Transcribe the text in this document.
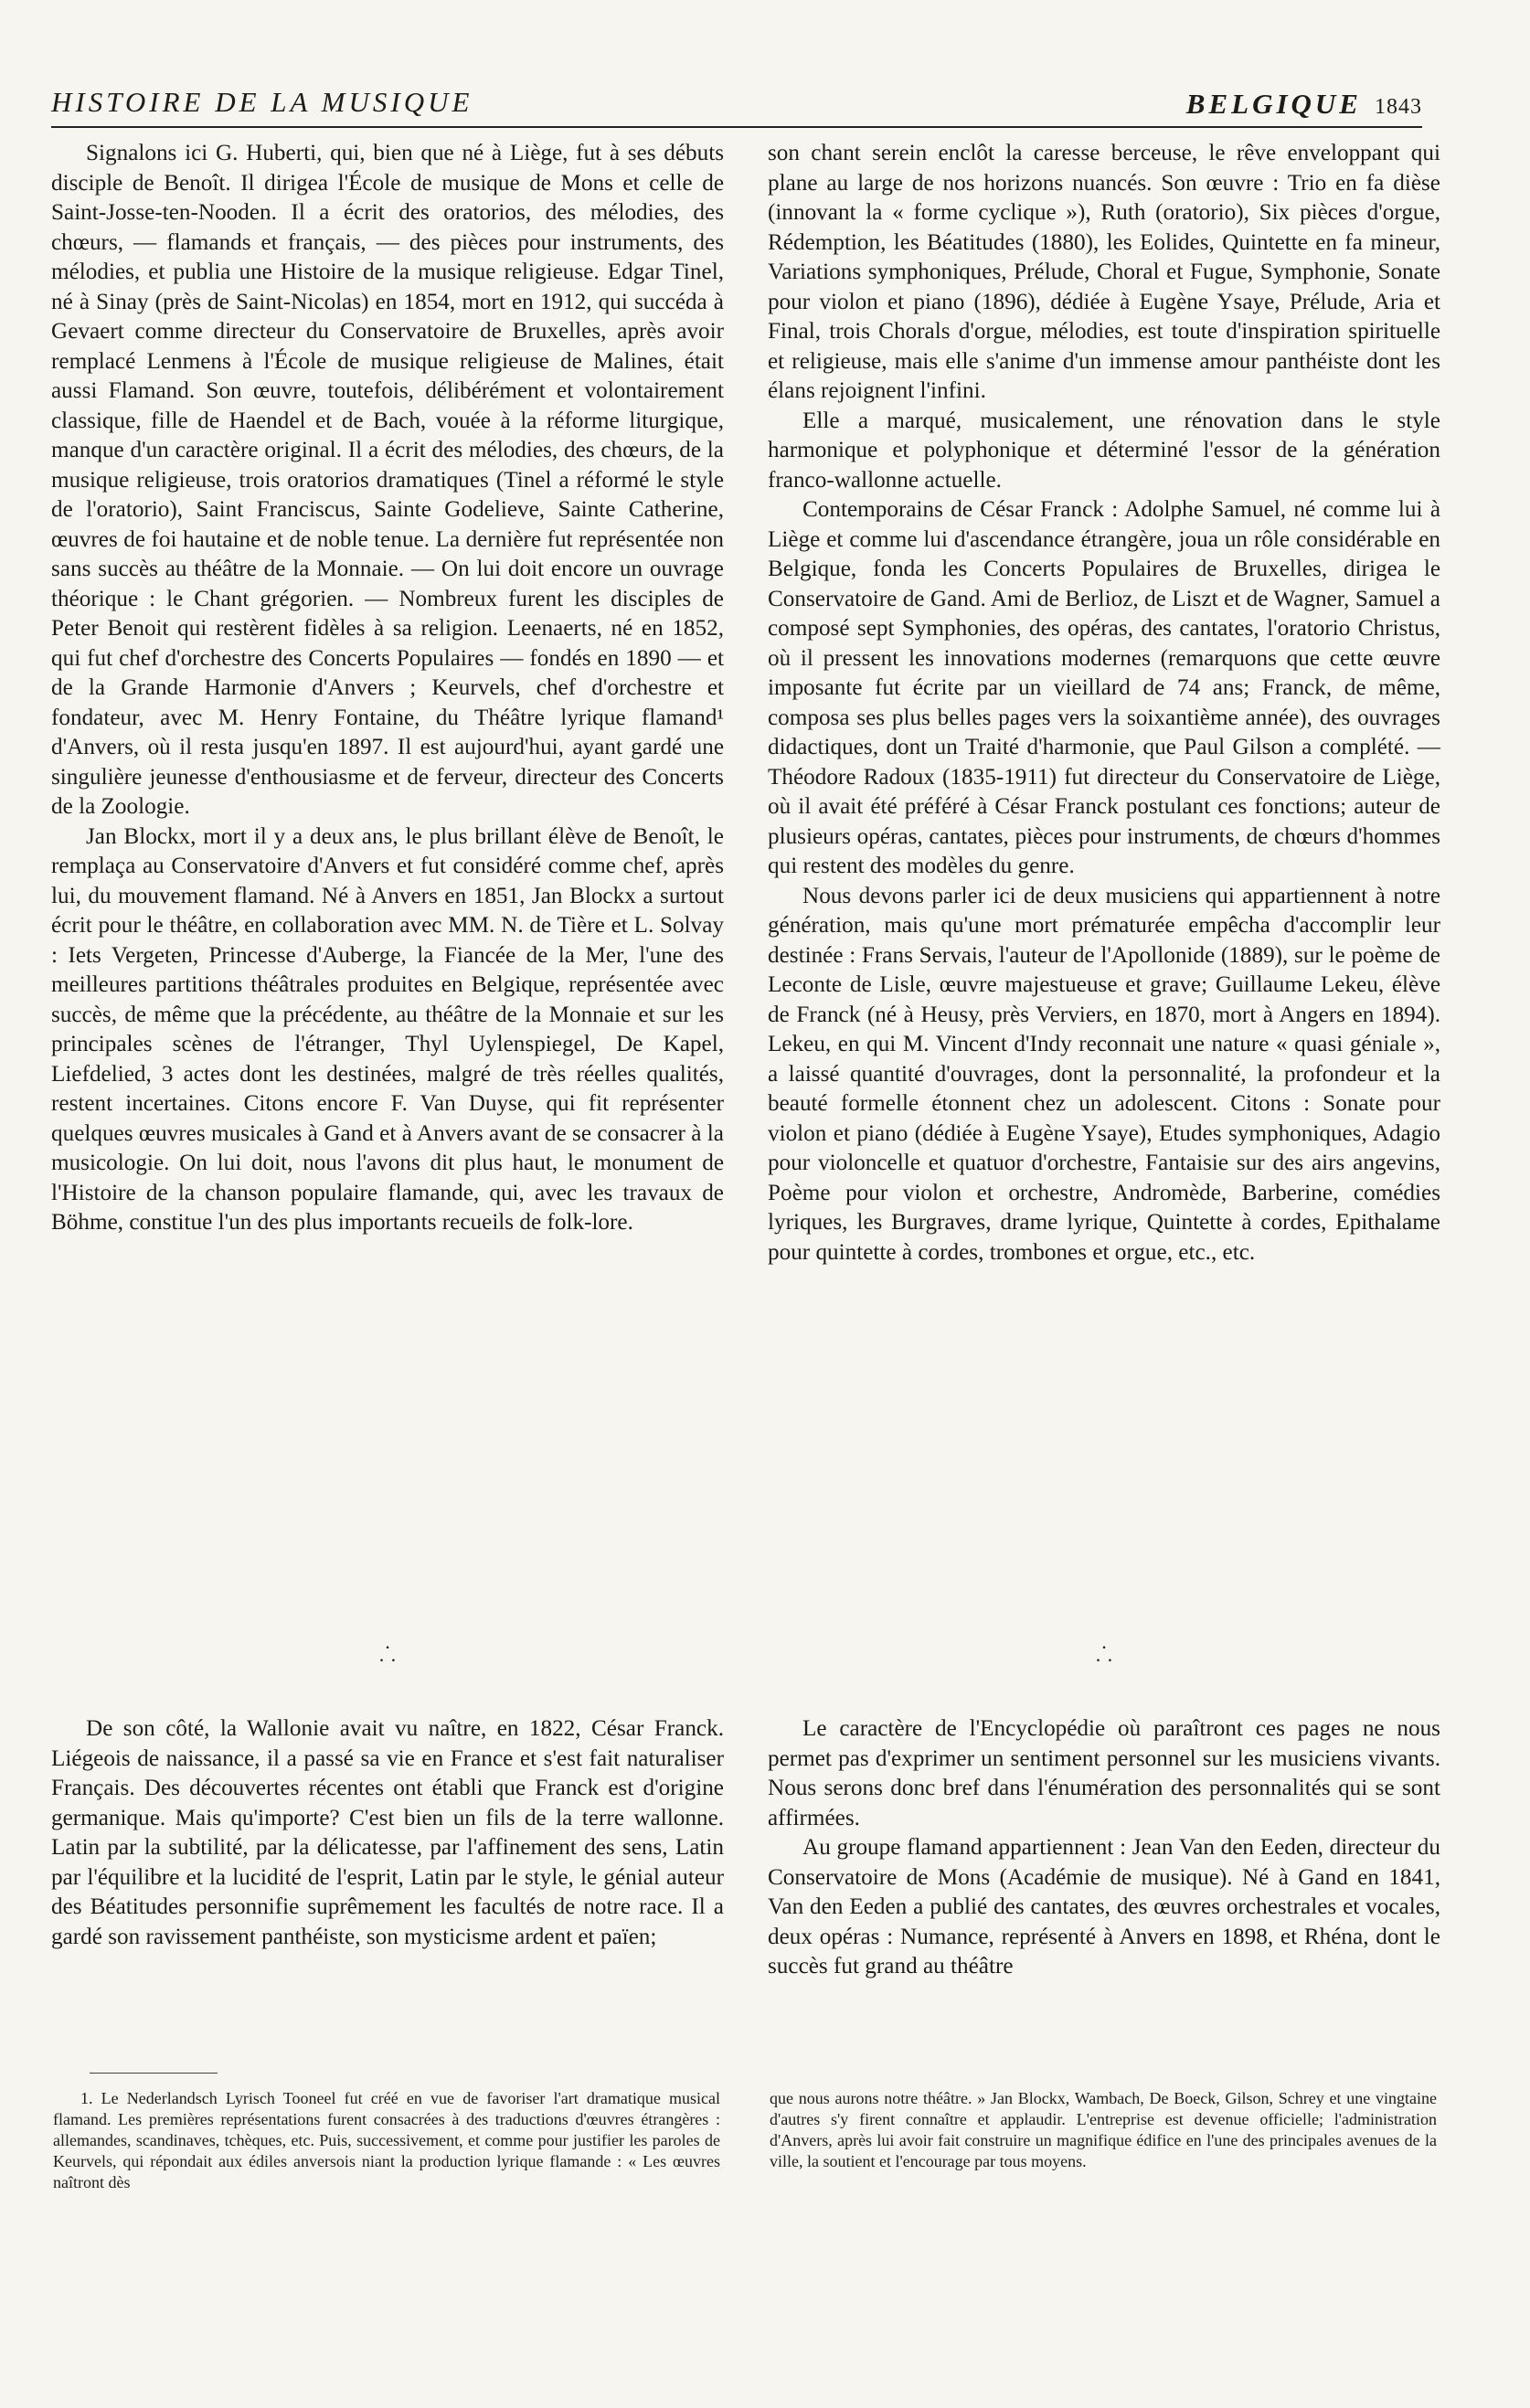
HISTOIRE DE LA MUSIQUE	BELGIQUE 1843

Signalons ici G. Huberti, qui, bien que né à Liège, fut à ses débuts disciple de Benoît. Il dirigea l'École de musique de Mons et celle de Saint-Josse-ten-Nooden. Il a écrit des oratorios, des mélodies, des chœurs, — flamands et français, — des pièces pour instruments, des mélodies, et publia une Histoire de la musique religieuse. Edgar Tinel, né à Sinay (près de Saint-Nicolas) en 1854, mort en 1912, qui succéda à Gevaert comme directeur du Conservatoire de Bruxelles, après avoir remplacé Lenmens à l'École de musique religieuse de Malines, était aussi Flamand. Son œuvre, toutefois, délibérément et volontairement classique, fille de Haendel et de Bach, vouée à la réforme liturgique, manque d'un caractère original. Il a écrit des mélodies, des chœurs, de la musique religieuse, trois oratorios dramatiques (Tinel a réformé le style de l'oratorio), Saint Franciscus, Sainte Godelieve, Sainte Catherine, œuvres de foi hautaine et de noble tenue. La dernière fut représentée non sans succès au théâtre de la Monnaie. — On lui doit encore un ouvrage théorique : le Chant grégorien. — Nombreux furent les disciples de Peter Benoit qui restèrent fidèles à sa religion. Leenaerts, né en 1852, qui fut chef d'orchestre des Concerts Populaires — fondés en 1890 — et de la Grande Harmonie d'Anvers ; Keurvels, chef d'orchestre et fondateur, avec M. Henry Fontaine, du Théâtre lyrique flamand¹ d'Anvers, où il resta jusqu'en 1897. Il est aujourd'hui, ayant gardé une singulière jeunesse d'enthousiasme et de ferveur, directeur des Concerts de la Zoologie.

Jan Blockx, mort il y a deux ans, le plus brillant élève de Benoît, le remplaça au Conservatoire d'Anvers et fut considéré comme chef, après lui, du mouvement flamand. Né à Anvers en 1851, Jan Blockx a surtout écrit pour le théâtre, en collaboration avec MM. N. de Tière et L. Solvay : Iets Vergeten, Princesse d'Auberge, la Fiancée de la Mer, l'une des meilleures partitions théâtrales produites en Belgique, représentée avec succès, de même que la précédente, au théâtre de la Monnaie et sur les principales scènes de l'étranger, Thyl Uylenspiegel, De Kapel, Liefdelied, 3 actes dont les destinées, malgré de très réelles qualités, restent incertaines. Citons encore F. Van Duyse, qui fit représenter quelques œuvres musicales à Gand et à Anvers avant de se consacrer à la musicologie. On lui doit, nous l'avons dit plus haut, le monument de l'Histoire de la chanson populaire flamande, qui, avec les travaux de Böhme, constitue l'un des plus importants recueils de folk-lore.

son chant serein enclôt la caresse berceuse, le rêve enveloppant qui plane au large de nos horizons nuancés. Son œuvre : Trio en fa dièse (innovant la « forme cyclique »), Ruth (oratorio), Six pièces d'orgue, Rédemption, les Béatitudes (1880), les Eolides, Quintette en fa mineur, Variations symphoniques, Prélude, Choral et Fugue, Symphonie, Sonate pour violon et piano (1896), dédiée à Eugène Ysaye, Prélude, Aria et Final, trois Chorals d'orgue, mélodies, est toute d'inspiration spirituelle et religieuse, mais elle s'anime d'un immense amour panthéiste dont les élans rejoignent l'infini.

Elle a marqué, musicalement, une rénovation dans le style harmonique et polyphonique et déterminé l'essor de la génération franco-wallonne actuelle.

Contemporains de César Franck : Adolphe Samuel, né comme lui à Liège et comme lui d'ascendance étrangère, joua un rôle considérable en Belgique, fonda les Concerts Populaires de Bruxelles, dirigea le Conservatoire de Gand. Ami de Berlioz, de Liszt et de Wagner, Samuel a composé sept Symphonies, des opéras, des cantates, l'oratorio Christus, où il pressent les innovations modernes (remarquons que cette œuvre imposante fut écrite par un vieillard de 74 ans; Franck, de même, composa ses plus belles pages vers la soixantième année), des ouvrages didactiques, dont un Traité d'harmonie, que Paul Gilson a complété. — Théodore Radoux (1835-1911) fut directeur du Conservatoire de Liège, où il avait été préféré à César Franck postulant ces fonctions; auteur de plusieurs opéras, cantates, pièces pour instruments, de chœurs d'hommes qui restent des modèles du genre.

Nous devons parler ici de deux musiciens qui appartiennent à notre génération, mais qu'une mort prématurée empêcha d'accomplir leur destinée : Frans Servais, l'auteur de l'Apollonide (1889), sur le poème de Leconte de Lisle, œuvre majestueuse et grave; Guillaume Lekeu, élève de Franck (né à Heusy, près Verviers, en 1870, mort à Angers en 1894). Lekeu, en qui M. Vincent d'Indy reconnait une nature « quasi géniale », a laissé quantité d'ouvrages, dont la personnalité, la profondeur et la beauté formelle étonnent chez un adolescent. Citons : Sonate pour violon et piano (dédiée à Eugène Ysaye), Etudes symphoniques, Adagio pour violoncelle et quatuor d'orchestre, Fantaisie sur des airs angevins, Poème pour violon et orchestre, Andromède, Barberine, comédies lyriques, les Burgraves, drame lyrique, Quintette à cordes, Epithalame pour quintette à cordes, trombones et orgue, etc., etc.

·
· ·
·
· ·

De son côté, la Wallonie avait vu naître, en 1822, César Franck. Liégeois de naissance, il a passé sa vie en France et s'est fait naturaliser Français. Des découvertes récentes ont établi que Franck est d'origine germanique. Mais qu'importe? C'est bien un fils de la terre wallonne. Latin par la subtilité, par la délicatesse, par l'affinement des sens, Latin par l'équilibre et la lucidité de l'esprit, Latin par le style, le génial auteur des Béatitudes personnifie suprêmement les facultés de notre race. Il a gardé son ravissement panthéiste, son mysticisme ardent et païen;

Le caractère de l'Encyclopédie où paraîtront ces pages ne nous permet pas d'exprimer un sentiment personnel sur les musiciens vivants. Nous serons donc bref dans l'énumération des personnalités qui se sont affirmées.

Au groupe flamand appartiennent : Jean Van den Eeden, directeur du Conservatoire de Mons (Académie de musique). Né à Gand en 1841, Van den Eeden a publié des cantates, des œuvres orchestrales et vocales, deux opéras : Numance, représenté à Anvers en 1898, et Rhéna, dont le succès fut grand au théâtre

1. Le Nederlandsch Lyrisch Tooneel fut créé en vue de favoriser l'art dramatique musical flamand. Les premières représentations furent consacrées à des traductions d'œuvres étrangères : allemandes, scandinaves, tchèques, etc. Puis, successivement, et comme pour justifier les paroles de Keurvels, qui répondait aux édiles anversois niant la production lyrique flamande : « Les œuvres naîtront dès

que nous aurons notre théâtre. » Jan Blockx, Wambach, De Boeck, Gilson, Schrey et une vingtaine d'autres s'y firent connaître et applaudir. L'entreprise est devenue officielle; l'administration d'Anvers, après lui avoir fait construire un magnifique édifice en l'une des principales avenues de la ville, la soutient et l'encourage par tous moyens.
